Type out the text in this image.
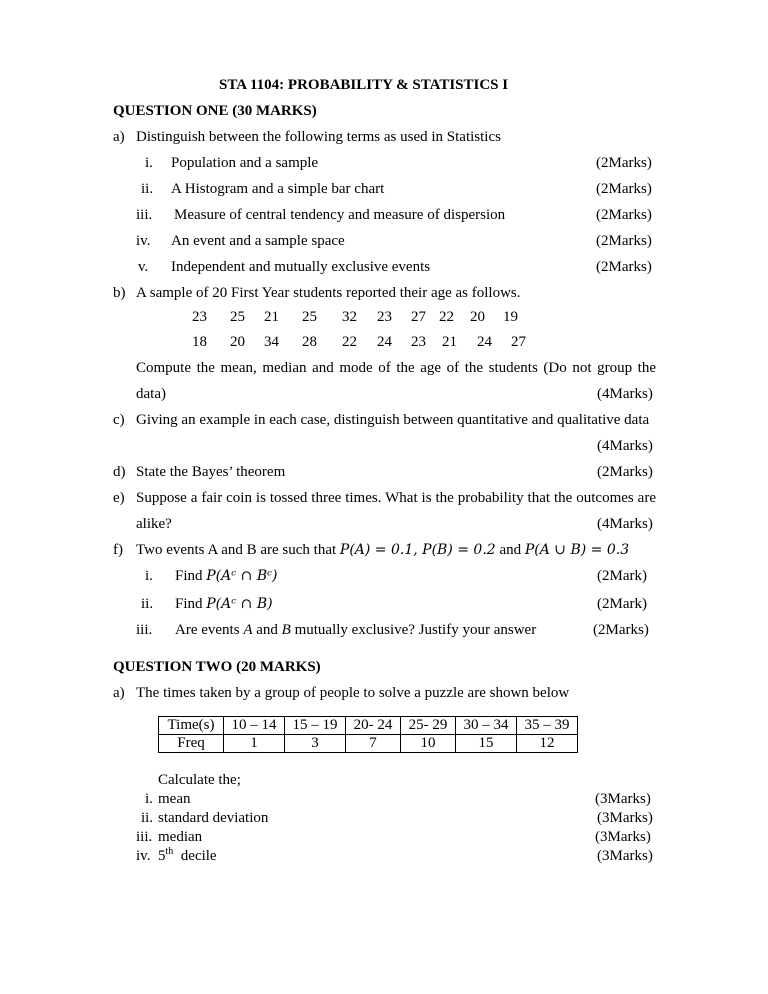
STA 1104: PROBABILITY & STATISTICS I
QUESTION ONE (30 MARKS)
a) Distinguish between the following terms as used in Statistics
i. Population and a sample	(2Marks)
ii. A Histogram and a simple bar chart	(2Marks)
iii. Measure of central tendency and measure of dispersion	(2Marks)
iv. An event and a sample space	(2Marks)
v. Independent and mutually exclusive events	(2Marks)
b) A sample of 20 First Year students reported their age as follows.
23 25 21 25 32 23 27 22 20 19
18 20 34 28 22 24 23 21 24 27
Compute the mean, median and mode of the age of the students (Do not group the
data)	(4Marks)
c) Giving an example in each case, distinguish between quantitative and qualitative data
(4Marks)
d) State the Bayes’ theorem	(2Marks)
e) Suppose a fair coin is tossed three times. What is the probability that the outcomes are
alike?	(4Marks)
f) Two events A and B are such that P(A) = 0.1, P(B) = 0.2 and P(A ∪ B) = 0.3
i. Find P(Aᶜ ∩ Bᶜ)	(2Mark)
ii. Find P(Aᶜ ∩ B)	(2Mark)
iii. Are events A and B mutually exclusive? Justify your answer	(2Marks)
QUESTION TWO (20 MARKS)
a) The times taken by a group of people to solve a puzzle are shown below
Time(s)	10 – 14	15 – 19	20- 24	25- 29	30 – 34	35 – 39
Freq	1	3	7	10	15	12
Calculate the;
i. mean	(3Marks)
ii. standard deviation	(3Marks)
iii. median	(3Marks)
iv. 5th  decile	(3Marks)
